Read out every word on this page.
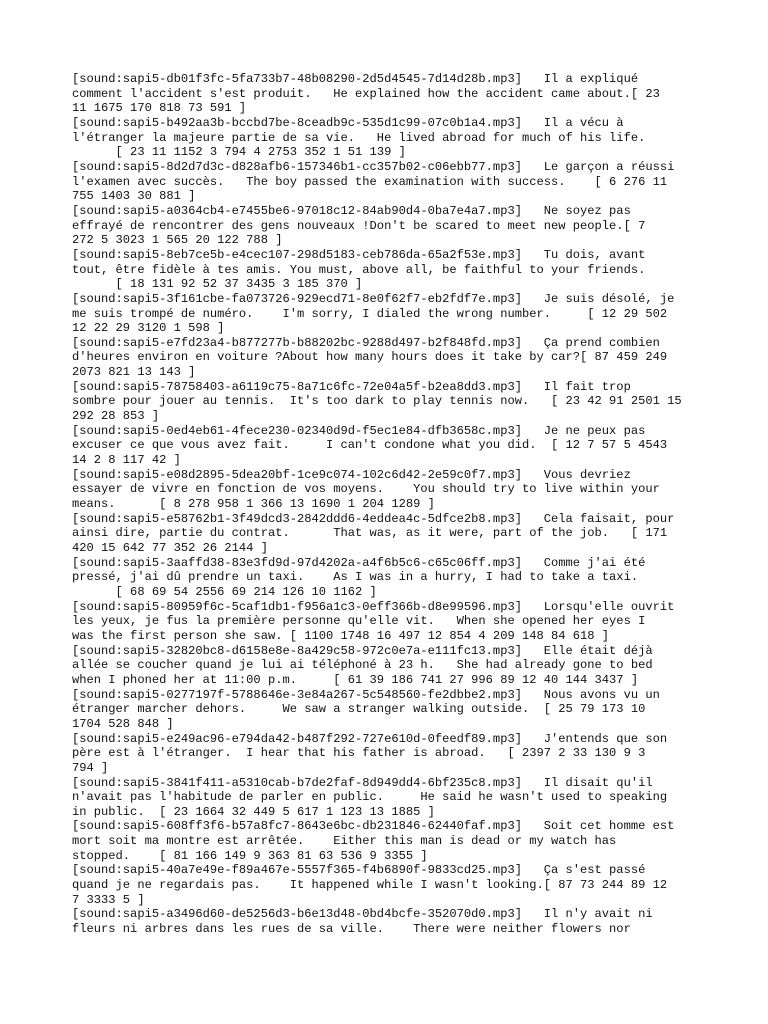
[sound:sapi5-db01f3fc-5fa733b7-48b08290-2d5d4545-7d14d28b.mp3]   Il a expliqué
comment l'accident s'est produit.   He explained how the accident came about.[ 23
11 1675 170 818 73 591 ]
[sound:sapi5-b492aa3b-bccbd7be-8ceadb9c-535d1c99-07c0b1a4.mp3]   Il a vécu à
l'étranger la majeure partie de sa vie.   He lived abroad for much of his life.
[ 23 11 1152 3 794 4 2753 352 1 51 139 ]
[sound:sapi5-8d2d7d3c-d828afb6-157346b1-cc357b02-c06ebb77.mp3]   Le garçon a réussi
l'examen avec succès.   The boy passed the examination with success.    [ 6 276 11
755 1403 30 881 ]
[sound:sapi5-a0364cb4-e7455be6-97018c12-84ab90d4-0ba7e4a7.mp3]   Ne soyez pas
effrayé de rencontrer des gens nouveaux !Don't be scared to meet new people.[ 7
272 5 3023 1 565 20 122 788 ]
[sound:sapi5-8eb7ce5b-e4cec107-298d5183-ceb786da-65a2f53e.mp3]   Tu dois, avant
tout, être fidèle à tes amis. You must, above all, be faithful to your friends.
[ 18 131 92 52 37 3435 3 185 370 ]
[sound:sapi5-3f161cbe-fa073726-929ecd71-8e0f62f7-eb2fdf7e.mp3]   Je suis désolé, je
me suis trompé de numéro.    I'm sorry, I dialed the wrong number.     [ 12 29 502
12 22 29 3120 1 598 ]
[sound:sapi5-e7fd23a4-b877277b-b88202bc-9288d497-b2f848fd.mp3]   Ça prend combien
d'heures environ en voiture ?About how many hours does it take by car?[ 87 459 249
2073 821 13 143 ]
[sound:sapi5-78758403-a6119c75-8a71c6fc-72e04a5f-b2ea8dd3.mp3]   Il fait trop
sombre pour jouer au tennis.  It's too dark to play tennis now.   [ 23 42 91 2501 15
292 28 853 ]
[sound:sapi5-0ed4eb61-4fece230-02340d9d-f5ec1e84-dfb3658c.mp3]   Je ne peux pas
excuser ce que vous avez fait.     I can't condone what you did.  [ 12 7 57 5 4543
14 2 8 117 42 ]
[sound:sapi5-e08d2895-5dea20bf-1ce9c074-102c6d42-2e59c0f7.mp3]   Vous devriez
essayer de vivre en fonction de vos moyens.    You should try to live within your
means.      [ 8 278 958 1 366 13 1690 1 204 1289 ]
[sound:sapi5-e58762b1-3f49dcd3-2842ddd6-4eddea4c-5dfce2b8.mp3]   Cela faisait, pour
ainsi dire, partie du contrat.      That was, as it were, part of the job.   [ 171
420 15 642 77 352 26 2144 ]
[sound:sapi5-3aaffd38-83e3fd9d-97d4202a-a4f6b5c6-c65c06ff.mp3]   Comme j'ai été
pressé, j'ai dû prendre un taxi.    As I was in a hurry, I had to take a taxi.
[ 68 69 54 2556 69 214 126 10 1162 ]
[sound:sapi5-80959f6c-5caf1db1-f956a1c3-0eff366b-d8e99596.mp3]   Lorsqu'elle ouvrit
les yeux, je fus la première personne qu'elle vit.   When she opened her eyes I
was the first person she saw. [ 1100 1748 16 497 12 854 4 209 148 84 618 ]
[sound:sapi5-32820bc8-d6158e8e-8a429c58-972c0e7a-e111fc13.mp3]   Elle était déjà
allée se coucher quand je lui ai téléphoné à 23 h.   She had already gone to bed
when I phoned her at 11:00 p.m.     [ 61 39 186 741 27 996 89 12 40 144 3437 ]
[sound:sapi5-0277197f-5788646e-3e84a267-5c548560-fe2dbbe2.mp3]   Nous avons vu un
étranger marcher dehors.     We saw a stranger walking outside.  [ 25 79 173 10
1704 528 848 ]
[sound:sapi5-e249ac96-e794da42-b487f292-727e610d-0feedf89.mp3]   J'entends que son
père est à l'étranger.  I hear that his father is abroad.   [ 2397 2 33 130 9 3
794 ]
[sound:sapi5-3841f411-a5310cab-b7de2faf-8d949dd4-6bf235c8.mp3]   Il disait qu'il
n'avait pas l'habitude de parler en public.     He said he wasn't used to speaking
in public.  [ 23 1664 32 449 5 617 1 123 13 1885 ]
[sound:sapi5-608ff3f6-b57a8fc7-8643e6bc-db231846-62440faf.mp3]   Soit cet homme est
mort soit ma montre est arrêtée.    Either this man is dead or my watch has
stopped.    [ 81 166 149 9 363 81 63 536 9 3355 ]
[sound:sapi5-40a7e49e-f89a467e-5557f365-f4b6890f-9833cd25.mp3]   Ça s'est passé
quand je ne regardais pas.    It happened while I wasn't looking.[ 87 73 244 89 12
7 3333 5 ]
[sound:sapi5-a3496d60-de5256d3-b6e13d48-0bd4bcfe-352070d0.mp3]   Il n'y avait ni
fleurs ni arbres dans les rues de sa ville.    There were neither flowers nor
